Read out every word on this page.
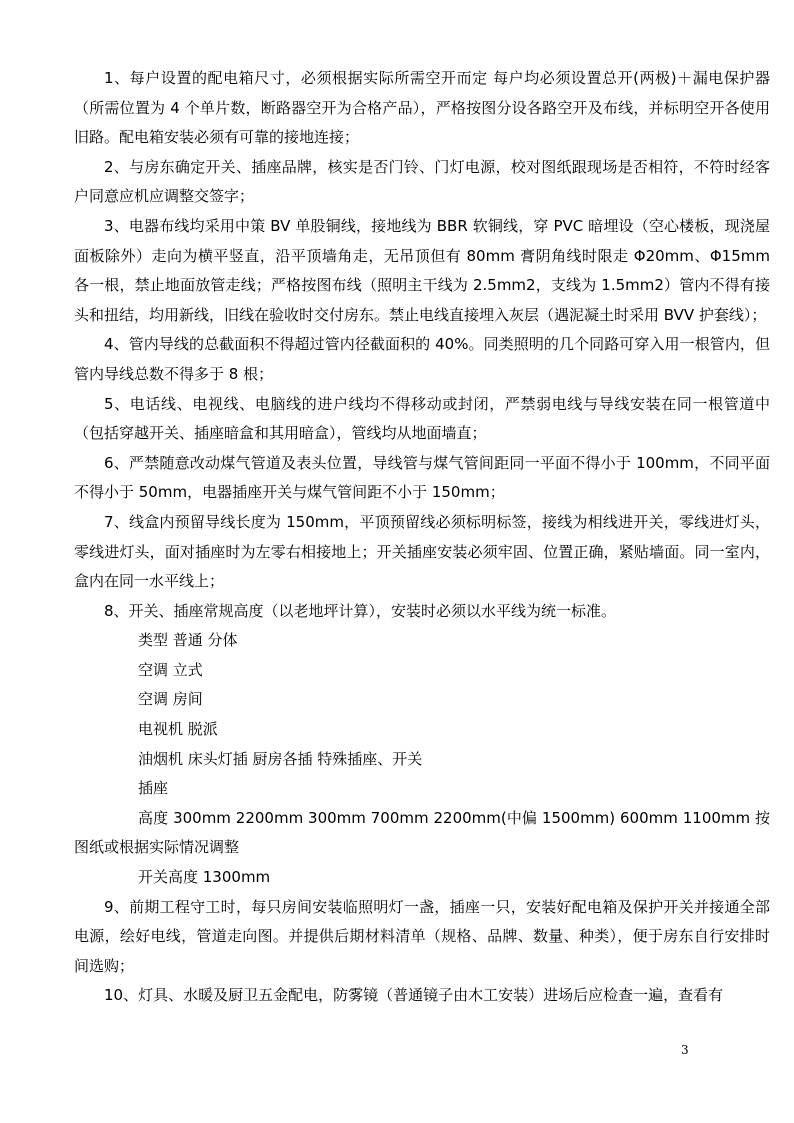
1、每户设置的配电箱尺寸，必须根据实际所需空开而定 每户均必须设置总开(两极)＋漏电保护器（所需位置为 4 个单片数，断路器空开为合格产品），严格按图分设各路空开及布线，并标明空开各使用旧路。配电箱安装必须有可靠的接地连接；

2、与房东确定开关、插座品牌，核实是否门铃、门灯电源，校对图纸跟现场是否相符，不符时经客户同意应机应调整交签字；

3、电器布线均采用中策 BV 单股铜线，接地线为 BBR 软铜线，穿 PVC 暗埋设（空心楼板，现浇屋面板除外）走向为横平竖直，沿平顶墙角走，无吊顶但有 80mm 膏阴角线时限走 Φ20mm、Φ15mm 各一根，禁止地面放管走线；严格按图布线（照明主干线为 2.5mm2，支线为 1.5mm2）管内不得有接头和扭结，均用新线，旧线在验收时交付房东。禁止电线直接埋入灰层（遇泥凝土时采用 BVV 护套线）；

4、管内导线的总截面积不得超过管内径截面积的 40%。同类照明的几个同路可穿入用一根管内，但管内导线总数不得多于 8 根；

5、电话线、电视线、电脑线的进户线均不得移动或封闭，严禁弱电线与导线安装在同一根管道中（包括穿越开关、插座暗盒和其用暗盒），管线均从地面墙直；

6、严禁随意改动煤气管道及表头位置，导线管与煤气管间距同一平面不得小于 100mm，不同平面不得小于 50mm，电器插座开关与煤气管间距不小于 150mm；

7、线盒内预留导线长度为 150mm，平顶预留线必须标明标签，接线为相线进开关，零线进灯头，零线进灯头，面对插座时为左零右相接地上；开关插座安装必须牢固、位置正确，紧贴墙面。同一室内，盒内在同一水平线上；

8、开关、插座常规高度（以老地坪计算），安装时必须以水平线为统一标准。

类型 普通 分体

空调 立式

空调 房间

电视机 脱派

油烟机 床头灯插 厨房各插 特殊插座、开关

插座

高度 300mm 2200mm 300mm 700mm 2200mm(中偏 1500mm) 600mm 1100mm 按图纸或根据实际情况调整

开关高度 1300mm

9、前期工程守工时，每只房间安装临照明灯一盏，插座一只，安装好配电箱及保护开关并接通全部电源，绘好电线，管道走向图。并提供后期材料清单（规格、品牌、数量、种类），便于房东自行安排时间选购；

10、灯具、水暖及厨卫五金配电，防雾镜（普通镜子由木工安装）进场后应检查一遍，查看有

3
